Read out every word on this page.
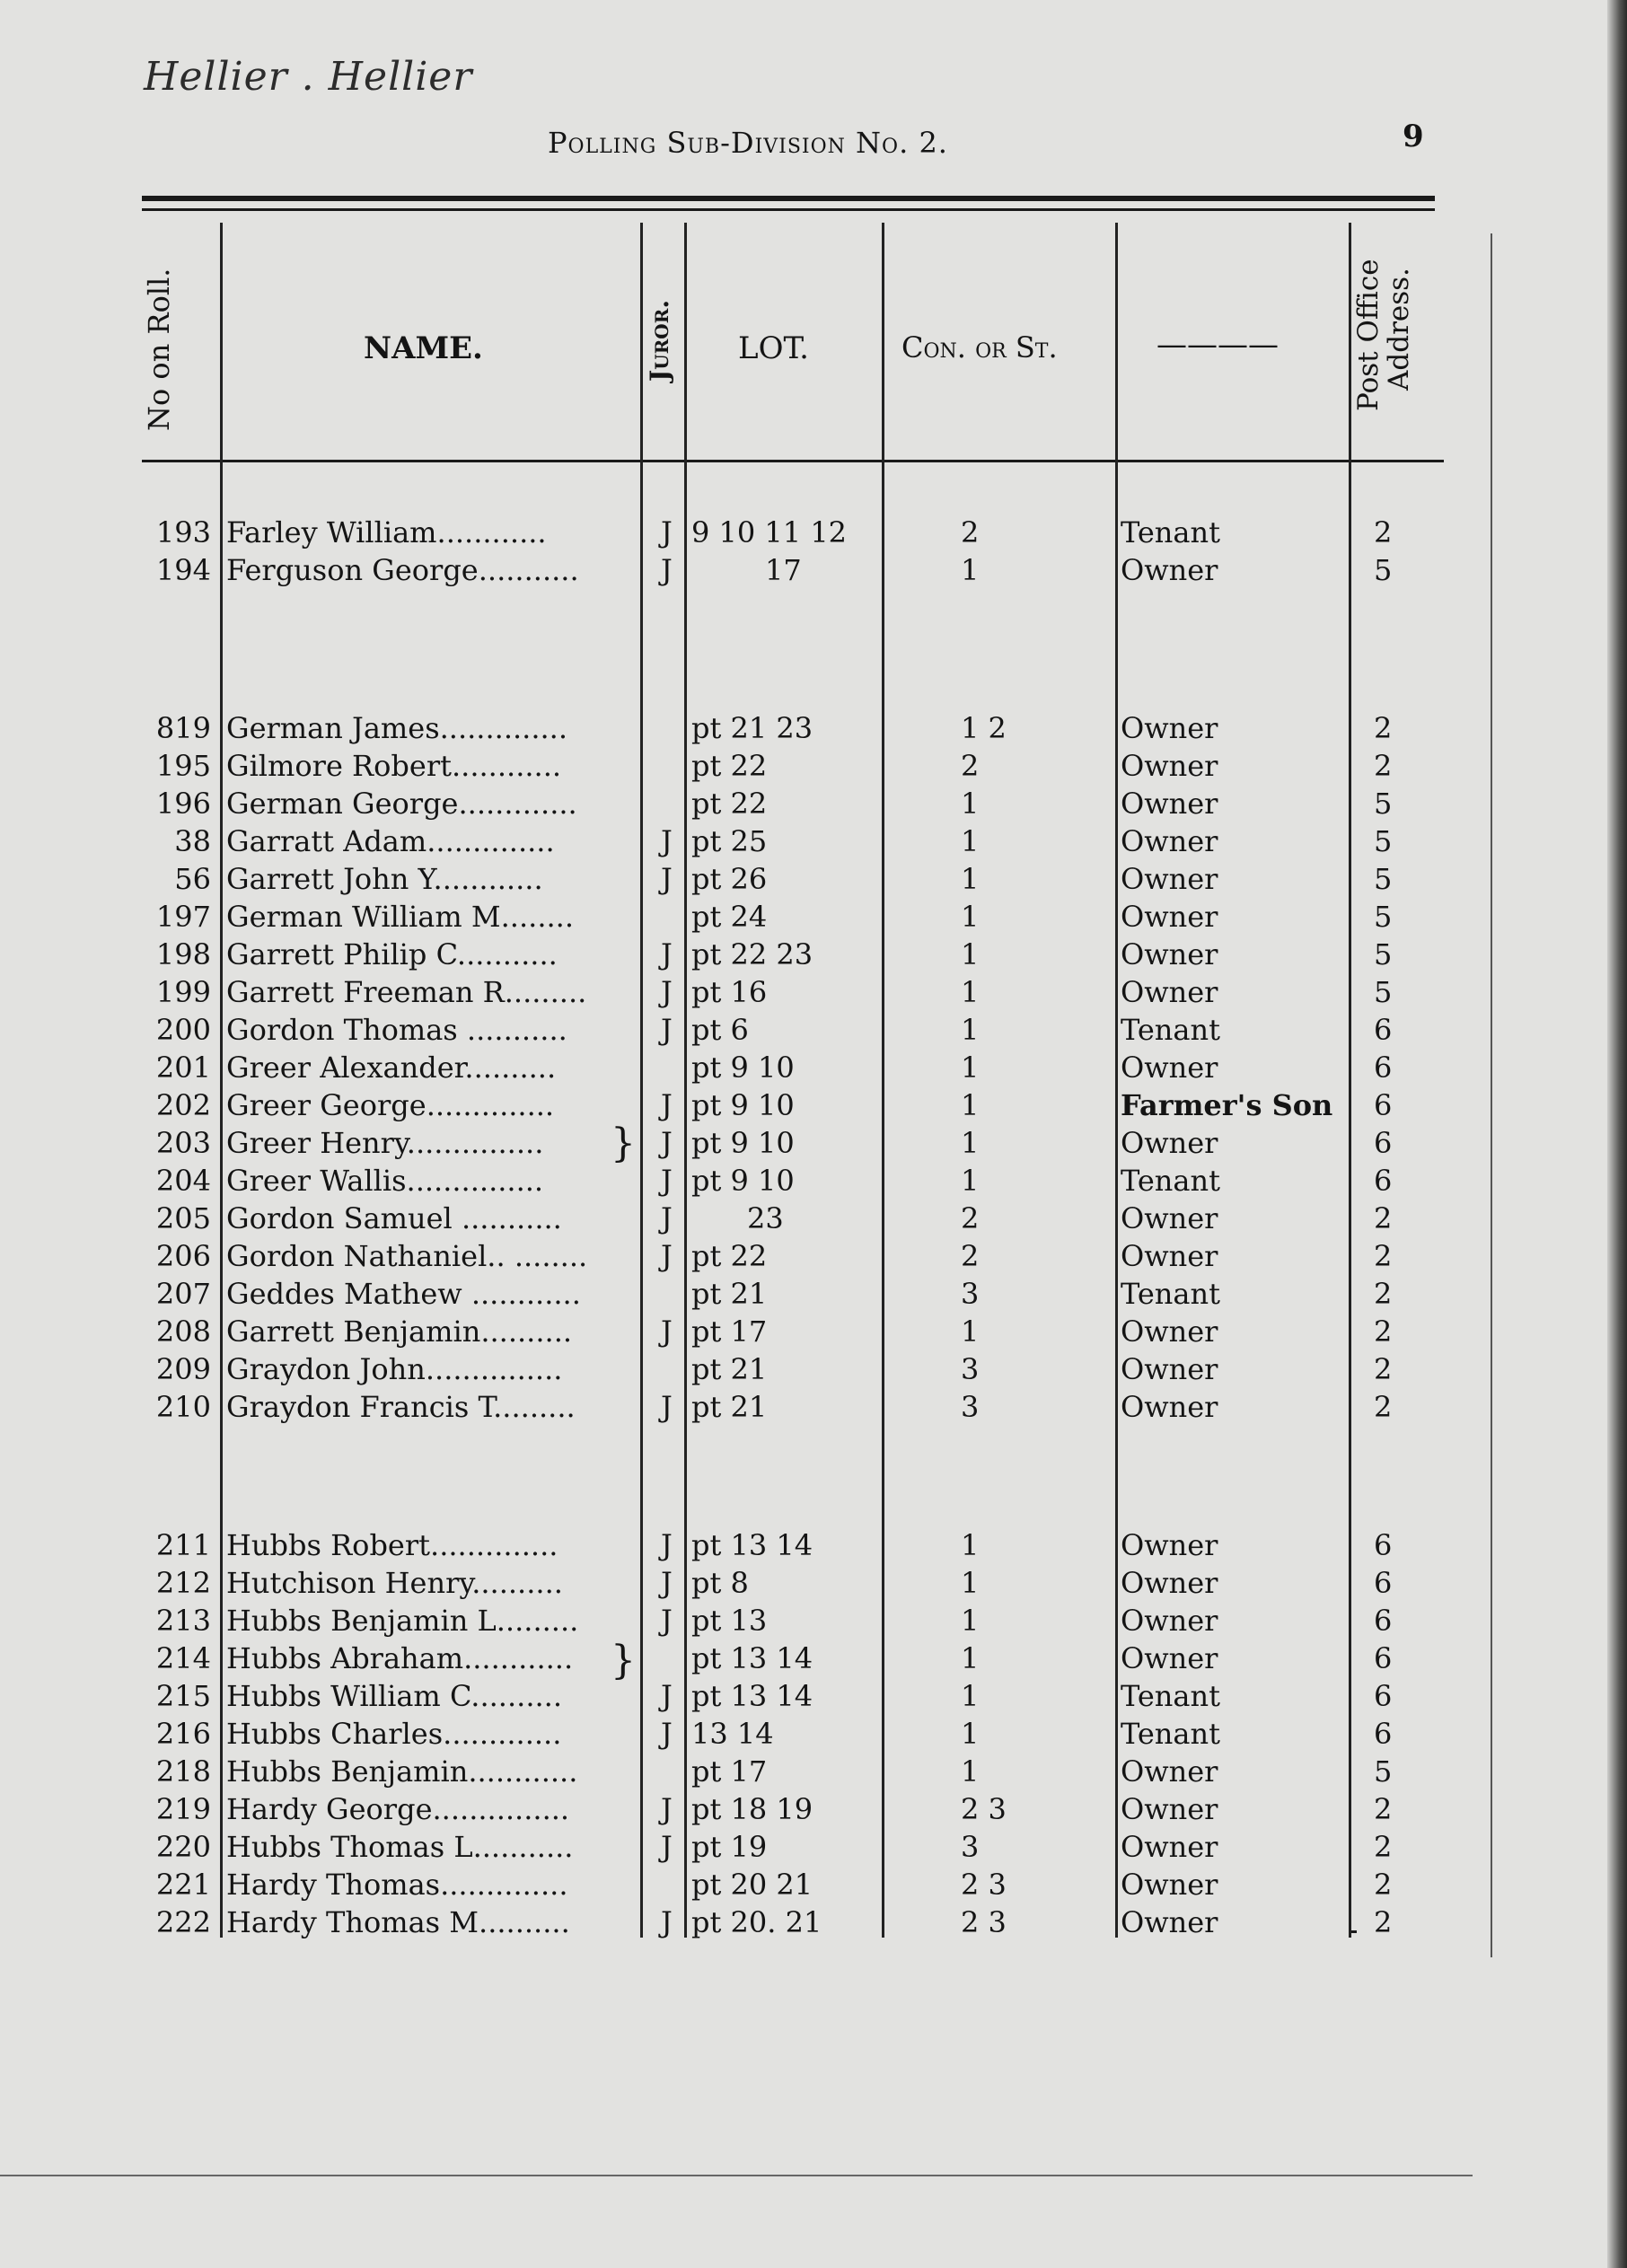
Hellier . Hellier
Polling Sub-Division No. 2.	9
No on Roll.	NAME.	Juror. LOT.	Con. or St.	————	Post Office
Address.
193 Farley William............	J 9 10 11 12	2	Tenant	2
194 Ferguson George...........	J	17	1	Owner	5
819 German James..............	pt 21 23	1 2	Owner	2
195 Gilmore Robert............	pt 22	2	Owner	2
196 German George.............	pt 22	1	Owner	5
38 Garratt Adam..............	J pt 25	1	Owner	5
56 Garrett John Y............	J pt 26	1	Owner	5
197 German William M........	pt 24	1	Owner	5
198 Garrett Philip C...........	J pt 22 23	1	Owner	5
199 Garrett Freeman R.........	J pt 16	1	Owner	5
200 Gordon Thomas ...........	J pt 6	1	Tenant	6
201 Greer Alexander..........	pt 9 10	1	Owner	6
202 Greer George..............	J pt 9 10	1	Farmer's Son 6
203 Greer Henry...............	J pt 9 10	1	Owner	6
204 Greer Wallis...............	J pt 9 10	1	Tenant	6
205 Gordon Samuel ...........	J	23	2	Owner	2
206 Gordon Nathaniel.. ........	J pt 22	2	Owner	2
207 Geddes Mathew ............	pt 21	3	Tenant	2
208 Garrett Benjamin..........	J pt 17	1	Owner	2
209 Graydon John...............	pt 21	3	Owner	2
210 Graydon Francis T.........	J pt 21	3	Owner	2
211 Hubbs Robert..............	J pt 13 14	1	Owner	6
212 Hutchison Henry..........	J pt 8	1	Owner	6
213 Hubbs Benjamin L.........	J pt 13	1	Owner	6
214 Hubbs Abraham............	pt 13 14	1	Owner	6
215 Hubbs William C..........	J pt 13 14	1	Tenant	6
216 Hubbs Charles.............	J 13 14	1	Tenant	6
218 Hubbs Benjamin............	pt 17	1	Owner	5
219 Hardy George...............	J pt 18 19	2 3	Owner	2
220 Hubbs Thomas L...........	J pt 19	3	Owner	2
221 Hardy Thomas..............	pt 20 21	2 3	Owner	2
222 Hardy Thomas M..........	J pt 20. 21	2 3	Owner	2
}
}
